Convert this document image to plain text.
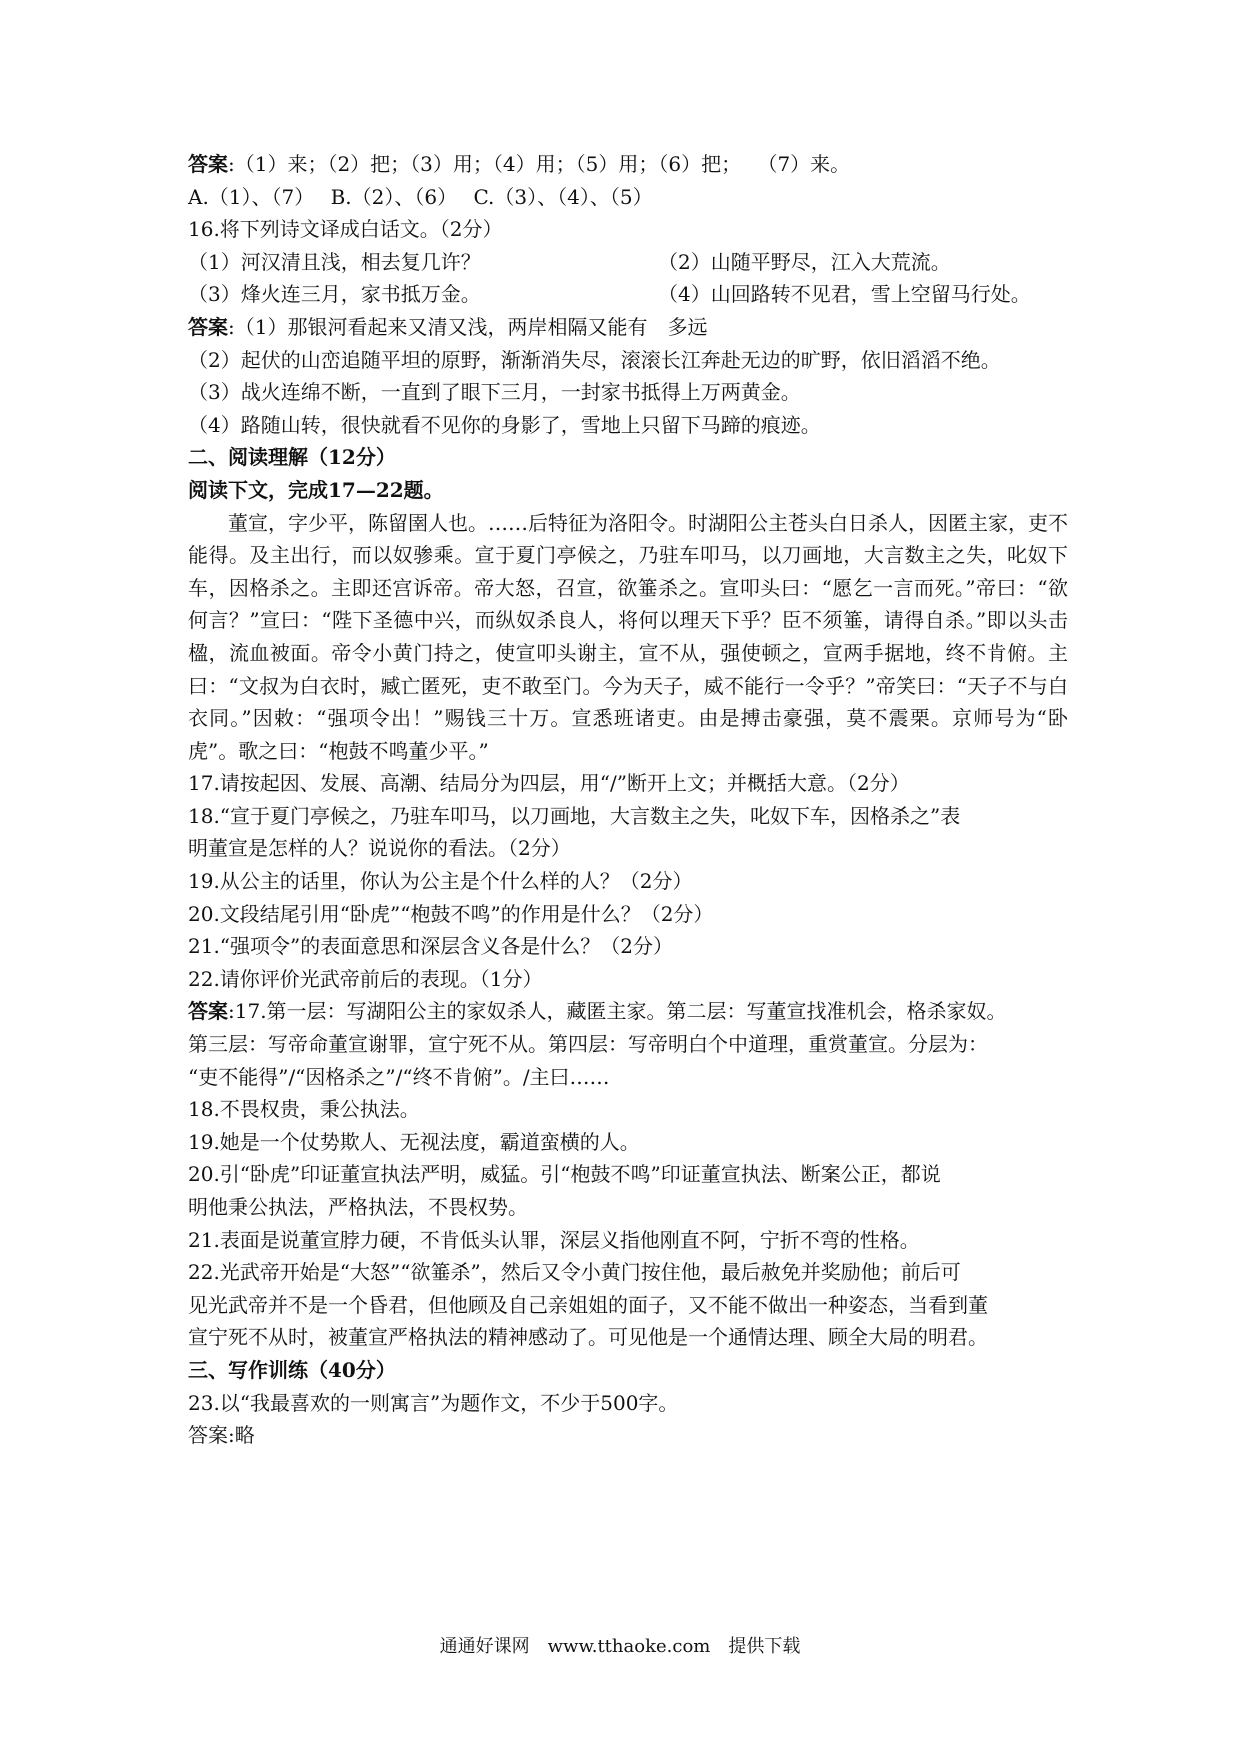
答案:（1）来；（2）把；（3）用；（4）用；（5）用；（6）把；　 （7）来。
A.（1）、（7）　 B.（2）、（6）　 C.（3）、（4）、（5）
16.将下列诗文译成白话文。（2分）
（1）河汉清且浅，相去复几许？	（2）山随平野尽，江入大荒流。
（3）烽火连三月，家书抵万金。	（4）山回路转不见君，雪上空留马行处。
答案:（1）那银河看起来又清又浅，两岸相隔又能有　多远
（2）起伏的山峦追随平坦的原野，渐渐消失尽，滚滚长江奔赴无边的旷野，依旧滔滔不绝。
（3）战火连绵不断，一直到了眼下三月，一封家书抵得上万两黄金。
（4）路随山转，很快就看不见你的身影了，雪地上只留下马蹄的痕迹。
二、阅读理解（12分）
阅读下文，完成17—22题。
董宣，字少平，陈留圉人也。……后特征为洛阳令。时湖阳公主苍头白日杀人，因匿主家，吏不能得。及主出行，而以奴骖乘。宣于夏门亭候之，乃驻车叩马，以刀画地，大言数主之失，叱奴下车，因格杀之。主即还宫诉帝。帝大怒，召宣，欲箠杀之。宣叩头曰：“愿乞一言而死。”帝曰：“欲何言？”宣曰：“陛下圣德中兴，而纵奴杀良人，将何以理天下乎？臣不须箠，请得自杀。”即以头击楹，流血被面。帝令小黄门持之，使宣叩头谢主，宣不从，强使顿之，宣两手据地，终不肯俯。主曰：“文叔为白衣时，臧亡匿死，吏不敢至门。今为天子，威不能行一令乎？”帝笑曰：“天子不与白衣同。”因敕：“强项令出！”赐钱三十万。宣悉班诸吏。由是搏击豪强，莫不震栗。京师号为“卧虎”。歌之曰：“枹鼓不鸣董少平。”
17.请按起因、发展、高潮、结局分为四层，用“/”断开上文；并概括大意。（2分）
18.“宣于夏门亭候之，乃驻车叩马，以刀画地，大言数主之失，叱奴下车，因格杀之”表
明董宣是怎样的人？说说你的看法。（2分）
19.从公主的话里，你认为公主是个什么样的人？（2分）
20.文段结尾引用“卧虎”“枹鼓不鸣”的作用是什么？（2分）
21.“强项令”的表面意思和深层含义各是什么？（2分）
22.请你评价光武帝前后的表现。（1分）
答案:17.第一层：写湖阳公主的家奴杀人，藏匿主家。第二层：写董宣找准机会，格杀家奴。
第三层：写帝命董宣谢罪，宣宁死不从。第四层：写帝明白个中道理，重赏董宣。分层为：
“吏不能得”/“因格杀之”/“终不肯俯”。/主曰……
18.不畏权贵，秉公执法。
19.她是一个仗势欺人、无视法度，霸道蛮横的人。
20.引“卧虎”印证董宣执法严明，威猛。引“枹鼓不鸣”印证董宣执法、断案公正，都说
明他秉公执法，严格执法，不畏权势。
21.表面是说董宣脖力硬，不肯低头认罪，深层义指他刚直不阿，宁折不弯的性格。
22.光武帝开始是“大怒”“欲箠杀”，然后又令小黄门按住他，最后赦免并奖励他；前后可
见光武帝并不是一个昏君，但他顾及自己亲姐姐的面子，又不能不做出一种姿态，当看到董
宣宁死不从时，被董宣严格执法的精神感动了。可见他是一个通情达理、顾全大局的明君。
三、写作训练（40分）
23.以“我最喜欢的一则寓言”为题作文，不少于500字。
答案:略
通通好课网　www.tthaoke.com　提供下载
